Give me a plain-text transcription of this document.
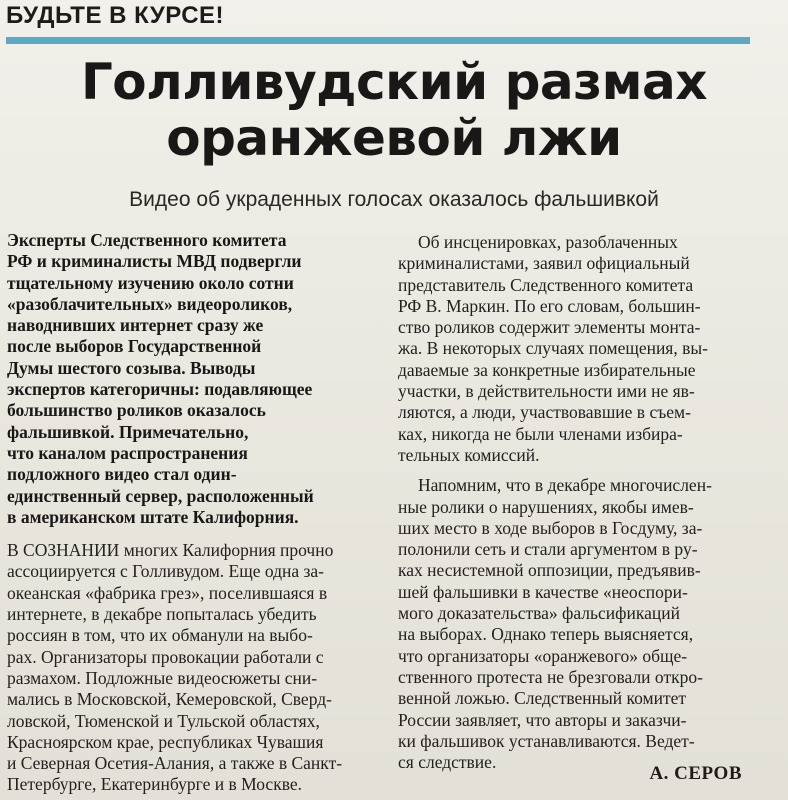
БУДЬТЕ В КУРСЕ!
Голливудский размах
оранжевой лжи
Видео об украденных голосах оказалось фальшивкой
Эксперты Следственного комитета
РФ и криминалисты МВД подвергли
тщательному изучению около сотни
«разоблачительных» видеороликов,
наводнивших интернет сразу же
после выборов Государственной
Думы шестого созыва. Выводы
экспертов категоричны: подавляющее
большинство роликов оказалось
фальшивкой. Примечательно,
что каналом распространения
подложного видео стал один-
единственный сервер, расположенный
в американском штате Калифорния.
В СОЗНАНИИ многих Калифорния прочно
ассоциируется с Голливудом. Еще одна за-
океанская «фабрика грез», поселившаяся в
интернете, в декабре попыталась убедить
россиян в том, что их обманули на выбо-
рах. Организаторы провокации работали с
размахом. Подложные видеосюжеты сни-
мались в Московской, Кемеровской, Сверд-
ловской, Тюменской и Тульской областях,
Красноярском крае, республиках Чувашия
и Северная Осетия-Алания, а также в Санкт-
Петербурге, Екатеринбурге и в Москве.
Об инсценировках, разоблаченных
криминалистами, заявил официальный
представитель Следственного комитета
РФ В. Маркин. По его словам, большин-
ство роликов содержит элементы монта-
жа. В некоторых случаях помещения, вы-
даваемые за конкретные избирательные
участки, в действительности ими не яв-
ляются, а люди, участвовавшие в съем-
ках, никогда не были членами избира-
тельных комиссий.
Напомним, что в декабре многочислен-
ные ролики о нарушениях, якобы имев-
ших место в ходе выборов в Госдуму, за-
полонили сеть и стали аргументом в ру-
ках несистемной оппозиции, предъявив-
шей фальшивки в качестве «неоспори-
мого доказательства» фальсификаций
на выборах. Однако теперь выясняется,
что организаторы «оранжевого» обще-
ственного протеста не брезговали откро-
венной ложью. Следственный комитет
России заявляет, что авторы и заказчи-
ки фальшивок устанавливаются. Ведет-
ся следствие.
А. СЕРОВ
